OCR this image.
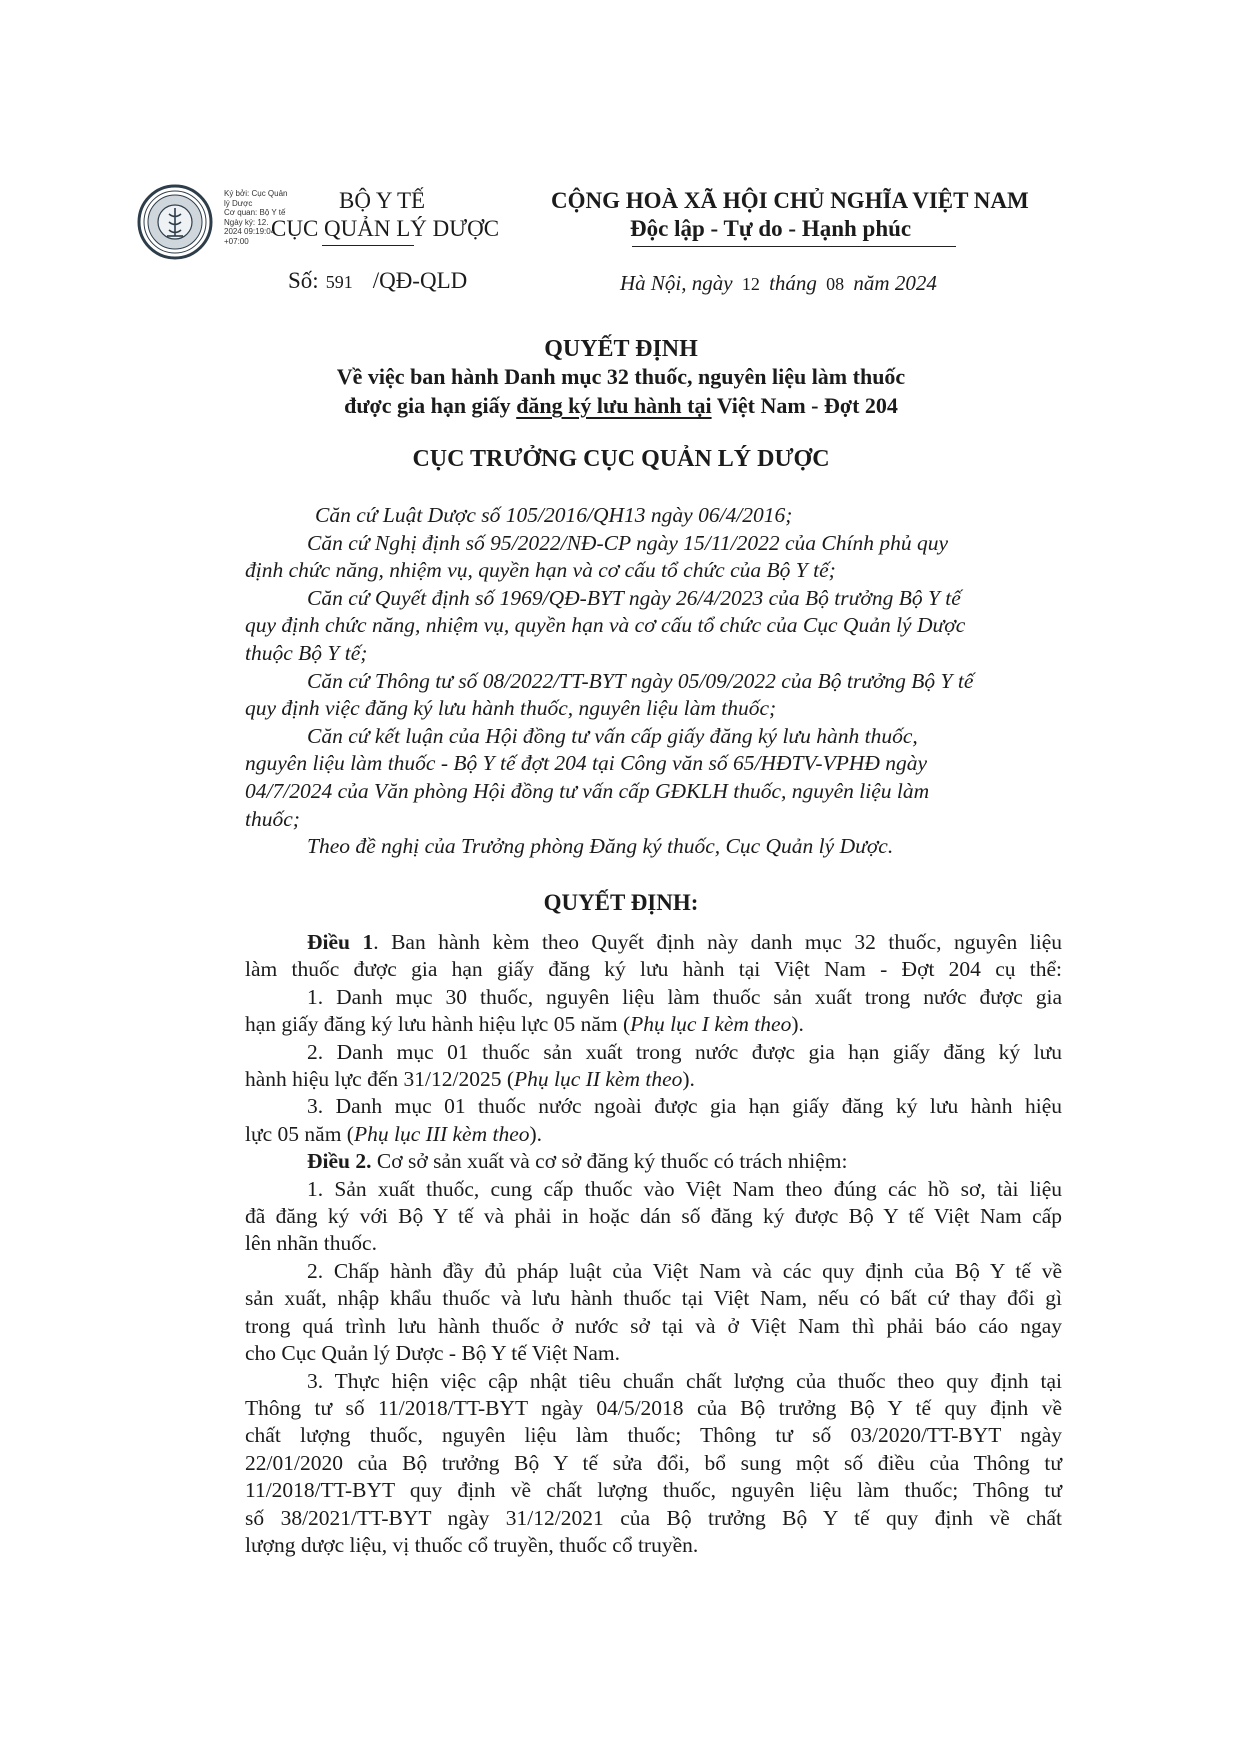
Ký bởi: Cục Quản
lý Dược
Cơ quan: Bộ Y tế
Ngày ký: 12.
2024 09:19:04
+07:00
BỘ Y TẾ
CỤC QUẢN LÝ DƯỢC
CỘNG HOÀ XÃ HỘI CHỦ NGHĨA VIỆT NAM
Độc lập - Tự do - Hạnh phúc
Số: 591 /QĐ-QLD	Hà Nội, ngày 12 tháng 08 năm 2024
QUYẾT ĐỊNH
Về việc ban hành Danh mục 32 thuốc, nguyên liệu làm thuốc
được gia hạn giấy đăng ký lưu hành tại Việt Nam - Đợt 204
CỤC TRƯỞNG CỤC QUẢN LÝ DƯỢC
Căn cứ Luật Dược số 105/2016/QH13 ngày 06/4/2016;
Căn cứ Nghị định số 95/2022/NĐ-CP ngày 15/11/2022 của Chính phủ quy
định chức năng, nhiệm vụ, quyền hạn và cơ cấu tổ chức của Bộ Y tế;
Căn cứ Quyết định số 1969/QĐ-BYT ngày 26/4/2023 của Bộ trưởng Bộ Y tế
quy định chức năng, nhiệm vụ, quyền hạn và cơ cấu tổ chức của Cục Quản lý Dược
thuộc Bộ Y tế;
Căn cứ Thông tư số 08/2022/TT-BYT ngày 05/09/2022 của Bộ trưởng Bộ Y tế
quy định việc đăng ký lưu hành thuốc, nguyên liệu làm thuốc;
Căn cứ kết luận của Hội đồng tư vấn cấp giấy đăng ký lưu hành thuốc,
nguyên liệu làm thuốc - Bộ Y tế đợt 204 tại Công văn số 65/HĐTV-VPHĐ ngày
04/7/2024 của Văn phòng Hội đồng tư vấn cấp GĐKLH thuốc, nguyên liệu làm
thuốc;
Theo đề nghị của Trưởng phòng Đăng ký thuốc, Cục Quản lý Dược.
QUYẾT ĐỊNH:
Điều 1. Ban hành kèm theo Quyết định này danh mục 32 thuốc, nguyên liệu
làm thuốc được gia hạn giấy đăng ký lưu hành tại Việt Nam - Đợt 204 cụ thể:
1. Danh mục 30 thuốc, nguyên liệu làm thuốc sản xuất trong nước được gia
hạn giấy đăng ký lưu hành hiệu lực 05 năm (Phụ lục I kèm theo).
2. Danh mục 01 thuốc sản xuất trong nước được gia hạn giấy đăng ký lưu
hành hiệu lực đến 31/12/2025 (Phụ lục II kèm theo).
3. Danh mục 01 thuốc nước ngoài được gia hạn giấy đăng ký lưu hành hiệu
lực 05 năm (Phụ lục III kèm theo).
Điều 2. Cơ sở sản xuất và cơ sở đăng ký thuốc có trách nhiệm:
1. Sản xuất thuốc, cung cấp thuốc vào Việt Nam theo đúng các hồ sơ, tài liệu
đã đăng ký với Bộ Y tế và phải in hoặc dán số đăng ký được Bộ Y tế Việt Nam cấp
lên nhãn thuốc.
2. Chấp hành đầy đủ pháp luật của Việt Nam và các quy định của Bộ Y tế về
sản xuất, nhập khẩu thuốc và lưu hành thuốc tại Việt Nam, nếu có bất cứ thay đổi gì
trong quá trình lưu hành thuốc ở nước sở tại và ở Việt Nam thì phải báo cáo ngay
cho Cục Quản lý Dược - Bộ Y tế Việt Nam.
3. Thực hiện việc cập nhật tiêu chuẩn chất lượng của thuốc theo quy định tại
Thông tư số 11/2018/TT-BYT ngày 04/5/2018 của Bộ trưởng Bộ Y tế quy định về
chất lượng thuốc, nguyên liệu làm thuốc; Thông tư số 03/2020/TT-BYT ngày
22/01/2020 của Bộ trưởng Bộ Y tế sửa đổi, bổ sung một số điều của Thông tư
11/2018/TT-BYT quy định về chất lượng thuốc, nguyên liệu làm thuốc; Thông tư
số 38/2021/TT-BYT ngày 31/12/2021 của Bộ trưởng Bộ Y tế quy định về chất
lượng dược liệu, vị thuốc cổ truyền, thuốc cổ truyền.
